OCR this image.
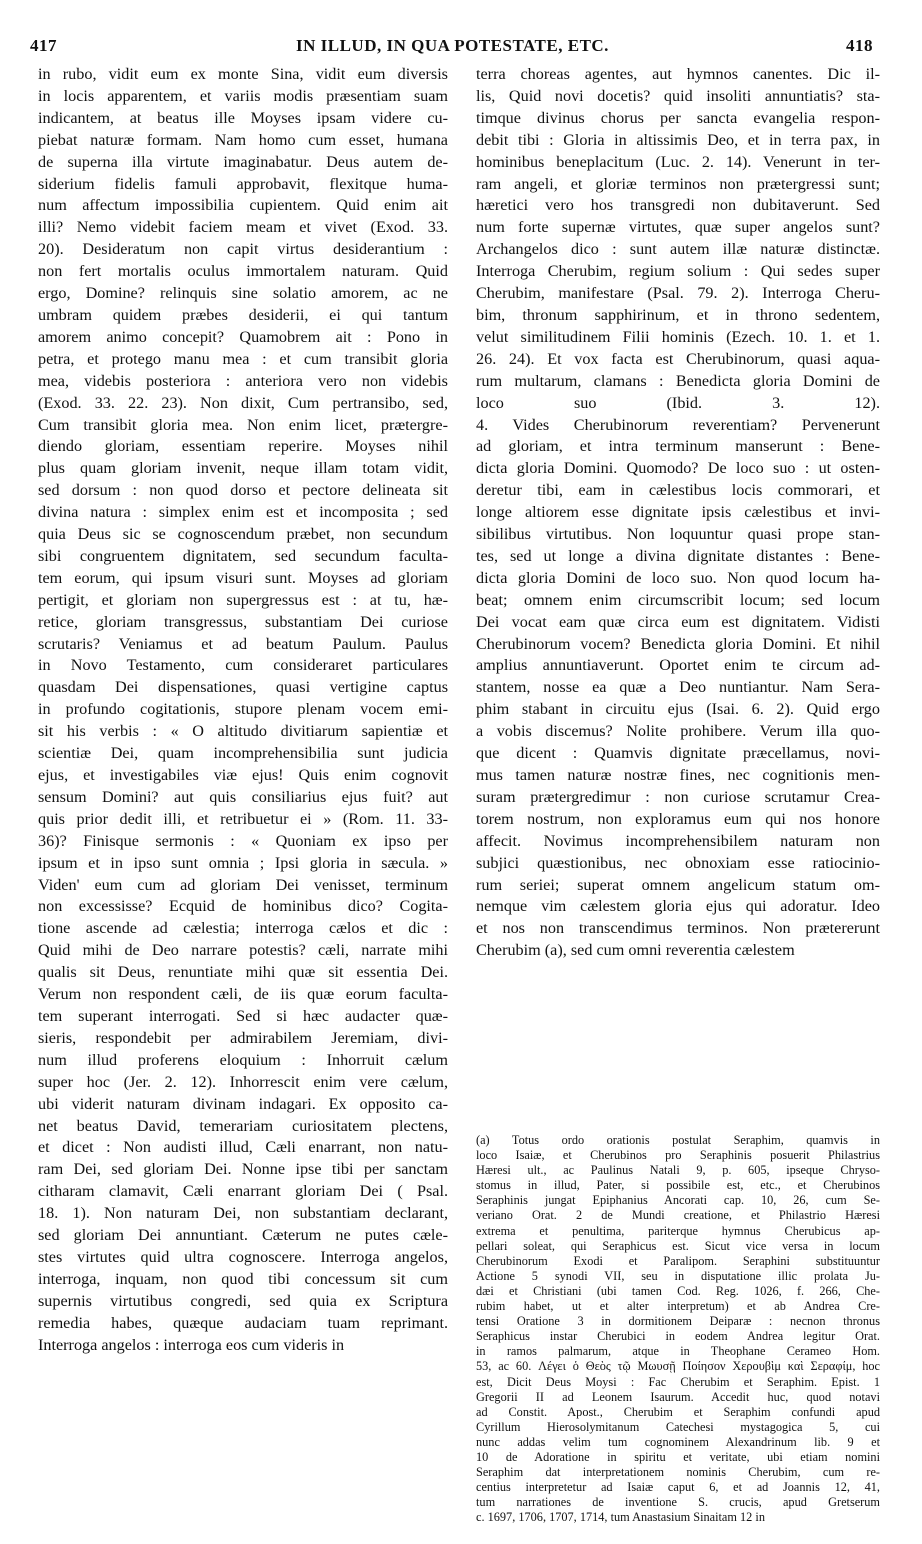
417	IN ILLUD, IN QUA POTESTATE, ETC.	418
in rubo, vidit eum ex monte Sina, vidit eum diversis
in locis apparentem, et variis modis præsentiam suam
indicantem, at beatus ille Moyses ipsam videre cu-
piebat naturæ formam. Nam homo cum esset, humana
de superna illa virtute imaginabatur. Deus autem de-
siderium fidelis famuli approbavit, flexitque huma-
num affectum impossibilia cupientem. Quid enim ait
illi? Nemo videbit faciem meam et vivet (Exod. 33.
20). Desideratum non capit virtus desiderantium :
non fert mortalis oculus immortalem naturam. Quid
ergo, Domine? relinquis sine solatio amorem, ac ne
umbram quidem præbes desiderii, ei qui tantum
amorem animo concepit? Quamobrem ait : Pono in
petra, et protego manu mea : et cum transibit gloria
mea, videbis posteriora : anteriora vero non videbis
(Exod. 33. 22. 23). Non dixit, Cum pertransibo, sed,
Cum transibit gloria mea. Non enim licet, prætergre-
diendo gloriam, essentiam reperire. Moyses nihil
plus quam gloriam invenit, neque illam totam vidit,
sed dorsum : non quod dorso et pectore delineata sit
divina natura : simplex enim est et incomposita ; sed
quia Deus sic se cognoscendum præbet, non secundum
sibi congruentem dignitatem, sed secundum faculta-
tem eorum, qui ipsum visuri sunt. Moyses ad gloriam
pertigit, et gloriam non supergressus est : at tu, hæ-
retice, gloriam transgressus, substantiam Dei curiose
scrutaris? Veniamus et ad beatum Paulum. Paulus
in Novo Testamento, cum consideraret particulares
quasdam Dei dispensationes, quasi vertigine captus
in profundo cogitationis, stupore plenam vocem emi-
sit his verbis : « O altitudo divitiarum sapientiæ et
scientiæ Dei, quam incomprehensibilia sunt judicia
ejus, et investigabiles viæ ejus! Quis enim cognovit
sensum Domini? aut quis consiliarius ejus fuit? aut
quis prior dedit illi, et retribuetur ei » (Rom. 11. 33-
36)? Finisque sermonis : « Quoniam ex ipso per
ipsum et in ipso sunt omnia ; Ipsi gloria in sæcula. »
Viden' eum cum ad gloriam Dei venisset, terminum
non excessisse? Ecquid de hominibus dico? Cogita-
tione ascende ad cælestia; interroga cælos et dic :
Quid mihi de Deo narrare potestis? cæli, narrate mihi
qualis sit Deus, renuntiate mihi quæ sit essentia Dei.
Verum non respondent cæli, de iis quæ eorum faculta-
tem superant interrogati. Sed si hæc audacter quæ-
sieris, respondebit per admirabilem Jeremiam, divi-
num illud proferens eloquium : Inhorruit cælum
super hoc (Jer. 2. 12). Inhorrescit enim vere cælum,
ubi viderit naturam divinam indagari. Ex opposito ca-
net beatus David, temerariam curiositatem plectens,
et dicet : Non audisti illud, Cæli enarrant, non natu-
ram Dei, sed gloriam Dei. Nonne ipse tibi per sanctam
citharam clamavit, Cæli enarrant gloriam Dei ( Psal.
18. 1). Non naturam Dei, non substantiam declarant,
sed gloriam Dei annuntiant. Cæterum ne putes cæle-
stes virtutes quid ultra cognoscere. Interroga angelos,
interroga, inquam, non quod tibi concessum sit cum
supernis virtutibus congredi, sed quia ex Scriptura
remedia habes, quæque audaciam tuam reprimant.
Interroga angelos : interroga eos cum videris in
terra choreas agentes, aut hymnos canentes. Dic il-
lis, Quid novi docetis? quid insoliti annuntiatis? sta-
timque divinus chorus per sancta evangelia respon-
debit tibi : Gloria in altissimis Deo, et in terra pax, in
hominibus beneplacitum (Luc. 2. 14). Venerunt in ter-
ram angeli, et gloriæ terminos non prætergressi sunt;
hæretici vero hos transgredi non dubitaverunt. Sed
num forte supernæ virtutes, quæ super angelos sunt?
Archangelos dico : sunt autem illæ naturæ distinctæ.
Interroga Cherubim, regium solium : Qui sedes super
Cherubim, manifestare (Psal. 79. 2). Interroga Cheru-
bim, thronum sapphirinum, et in throno sedentem,
velut similitudinem Filii hominis (Ezech. 10. 1. et 1.
26. 24). Et vox facta est Cherubinorum, quasi aqua-
rum multarum, clamans : Benedicta gloria Domini de
loco suo (Ibid. 3. 12).
4. Vides Cherubinorum reverentiam? Pervenerunt
ad gloriam, et intra terminum manserunt : Bene-
dicta gloria Domini. Quomodo? De loco suo : ut osten-
deretur tibi, eam in cælestibus locis commorari, et
longe altiorem esse dignitate ipsis cælestibus et invi-
sibilibus virtutibus. Non loquuntur quasi prope stan-
tes, sed ut longe a divina dignitate distantes : Bene-
dicta gloria Domini de loco suo. Non quod locum ha-
beat; omnem enim circumscribit locum; sed locum
Dei vocat eam quæ circa eum est dignitatem. Vidisti
Cherubinorum vocem? Benedicta gloria Domini. Et nihil
amplius annuntiaverunt. Oportet enim te circum ad-
stantem, nosse ea quæ a Deo nuntiantur. Nam Sera-
phim stabant in circuitu ejus (Isai. 6. 2). Quid ergo
a vobis discemus? Nolite prohibere. Verum illa quo-
que dicent : Quamvis dignitate præcellamus, novi-
mus tamen naturæ nostræ fines, nec cognitionis men-
suram prætergredimur : non curiose scrutamur Crea-
torem nostrum, non exploramus eum qui nos honore
affecit. Novimus incomprehensibilem naturam non
subjici quæstionibus, nec obnoxiam esse ratiocinio-
rum seriei; superat omnem angelicum statum om-
nemque vim cælestem gloria ejus qui adoratur. Ideo
et nos non transcendimus terminos. Non prætererunt
Cherubim (a), sed cum omni reverentia cælestem
(a) Totus ordo orationis postulat Seraphim, quamvis in
loco Isaiæ, et Cherubinos pro Seraphinis posuerit Philastrius
Hæresi ult., ac Paulinus Natali 9, p. 605, ipseque Chryso-
stomus in illud, Pater, si possibile est, etc., et Cherubinos
Seraphinis jungat Epiphanius Ancorati cap. 10, 26, cum Se-
veriano Orat. 2 de Mundi creatione, et Philastrio Hæresi
extrema et penultima, pariterque hymnus Cherubicus ap-
pellari soleat, qui Seraphicus est. Sicut vice versa in locum
Cherubinorum Exodi et Paralipom. Seraphini substituuntur
Actione 5 synodi VII, seu in disputatione illic prolata Ju-
dæi et Christiani (ubi tamen Cod. Reg. 1026, f. 266, Che-
rubim habet, ut et alter interpretum) et ab Andrea Cre-
tensi Oratione 3 in dormitionem Deiparæ : necnon thronus
Seraphicus instar Cherubici in eodem Andrea legitur Orat.
in ramos palmarum, atque in Theophane Cerameo Hom.
53, ac 60. Λέγει ὁ Θεὸς τῷ Μωυσῇ Ποίησον Χερουβὶμ καὶ Σεραφίμ, hoc
est, Dicit Deus Moysi : Fac Cherubim et Seraphim. Epist. 1
Gregorii II ad Leonem Isaurum. Accedit huc, quod notavi
ad Constit. Apost., Cherubim et Seraphim confundi apud
Cyrillum Hierosolymitanum Catechesi mystagogica 5, cui
nunc addas velim tum cognominem Alexandrinum lib. 9 et
10 de Adoratione in spiritu et veritate, ubi etiam nomini
Seraphim dat interpretationem nominis Cherubim, cum re-
centius interpretetur ad Isaiæ caput 6, et ad Joannis 12, 41,
tum narrationes de inventione S. crucis, apud Gretserum
c. 1697, 1706, 1707, 1714, tum Anastasium Sinaitam 12 in
